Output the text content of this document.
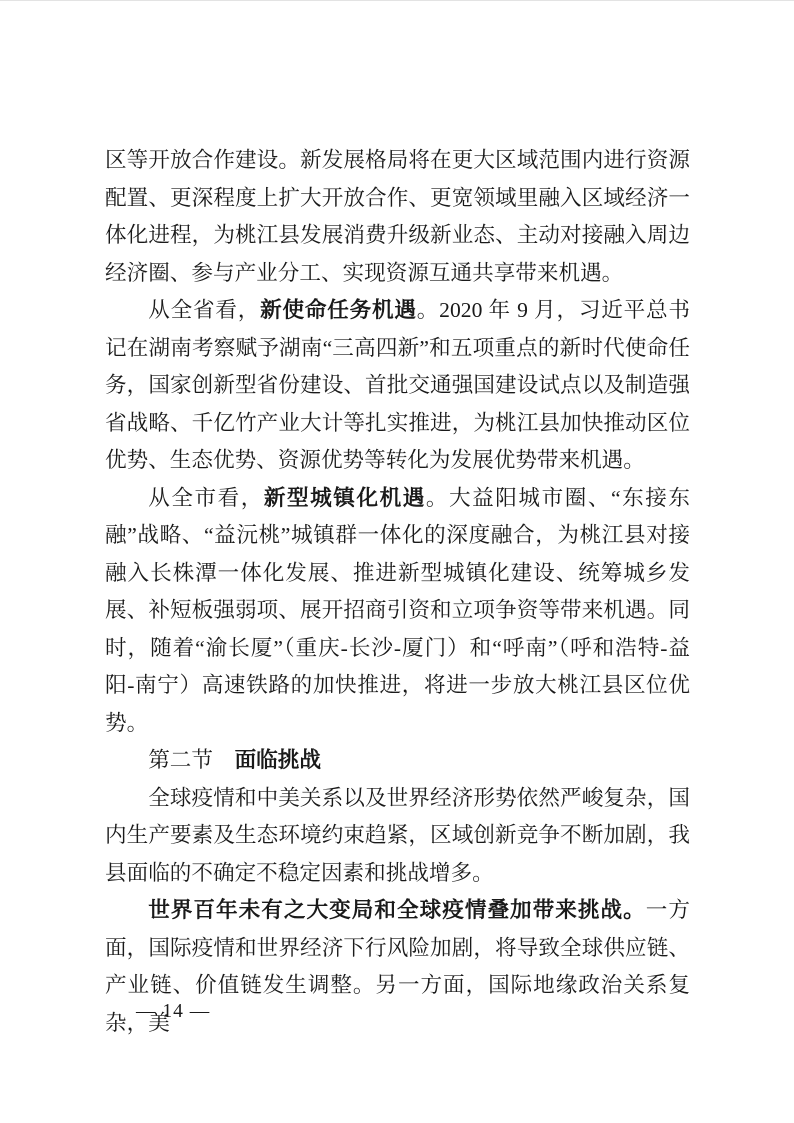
区等开放合作建设。新发展格局将在更大区域范围内进行资源配置、更深程度上扩大开放合作、更宽领域里融入区域经济一体化进程，为桃江县发展消费升级新业态、主动对接融入周边经济圈、参与产业分工、实现资源互通共享带来机遇。

从全省看，新使命任务机遇。2020 年 9 月，习近平总书记在湖南考察赋予湖南“三高四新”和五项重点的新时代使命任务，国家创新型省份建设、首批交通强国建设试点以及制造强省战略、千亿竹产业大计等扎实推进，为桃江县加快推动区位优势、生态优势、资源优势等转化为发展优势带来机遇。

从全市看，新型城镇化机遇。大益阳城市圈、“东接东融”战略、“益沅桃”城镇群一体化的深度融合，为桃江县对接融入长株潭一体化发展、推进新型城镇化建设、统筹城乡发展、补短板强弱项、展开招商引资和立项争资等带来机遇。同时，随着“渝长厦”（重庆-长沙-厦门）和“呼南”（呼和浩特-益阳-南宁）高速铁路的加快推进，将进一步放大桃江县区位优势。

第二节　面临挑战

全球疫情和中美关系以及世界经济形势依然严峻复杂，国内生产要素及生态环境约束趋紧，区域创新竞争不断加剧，我县面临的不确定不稳定因素和挑战增多。

世界百年未有之大变局和全球疫情叠加带来挑战。一方面，国际疫情和世界经济下行风险加剧，将导致全球供应链、产业链、价值链发生调整。另一方面，国际地缘政治关系复杂，美

— 14 —
